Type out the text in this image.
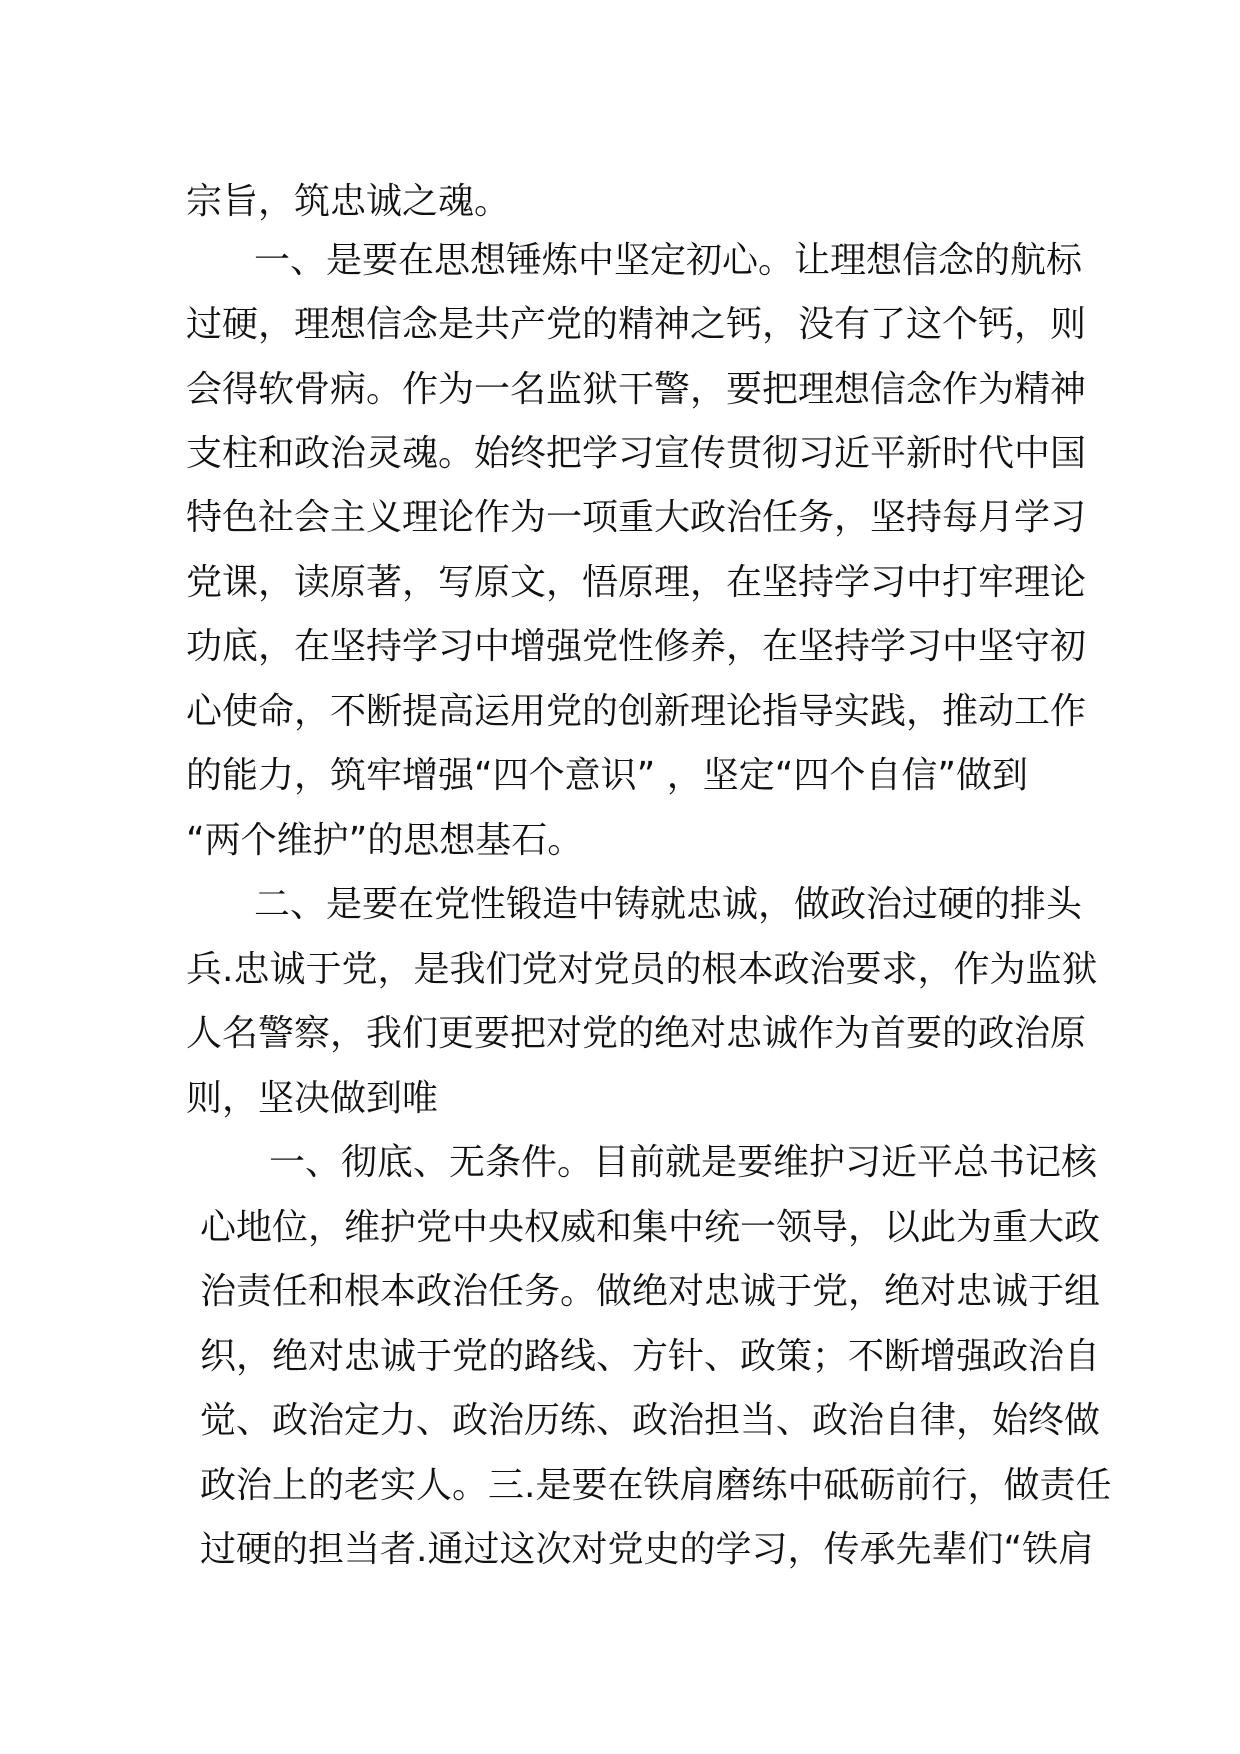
宗旨，筑忠诚之魂。
一、是要在思想锤炼中坚定初心。让理想信念的航标
过硬，理想信念是共产党的精神之钙，没有了这个钙，则
会得软骨病。作为一名监狱干警，要把理想信念作为精神
支柱和政治灵魂。始终把学习宣传贯彻习近平新时代中国
特色社会主义理论作为一项重大政治任务，坚持每月学习
党课，读原著，写原文，悟原理，在坚持学习中打牢理论
功底，在坚持学习中增强党性修养，在坚持学习中坚守初
心使命，不断提高运用党的创新理论指导实践，推动工作
的能力，筑牢增强“四个意识” ，坚定“四个自信”做到
“两个维护”的思想基石。
二、是要在党性锻造中铸就忠诚，做政治过硬的排头
兵.忠诚于党，是我们党对党员的根本政治要求，作为监狱
人名警察，我们更要把对党的绝对忠诚作为首要的政治原
则，坚决做到唯
一、彻底、无条件。目前就是要维护习近平总书记核
心地位，维护党中央权威和集中统一领导，以此为重大政
治责任和根本政治任务。做绝对忠诚于党，绝对忠诚于组
织，绝对忠诚于党的路线、方针、政策；不断增强政治自
觉、政治定力、政治历练、政治担当、政治自律，始终做
政治上的老实人。三.是要在铁肩磨练中砥砺前行，做责任
过硬的担当者.通过这次对党史的学习，传承先辈们“铁肩
